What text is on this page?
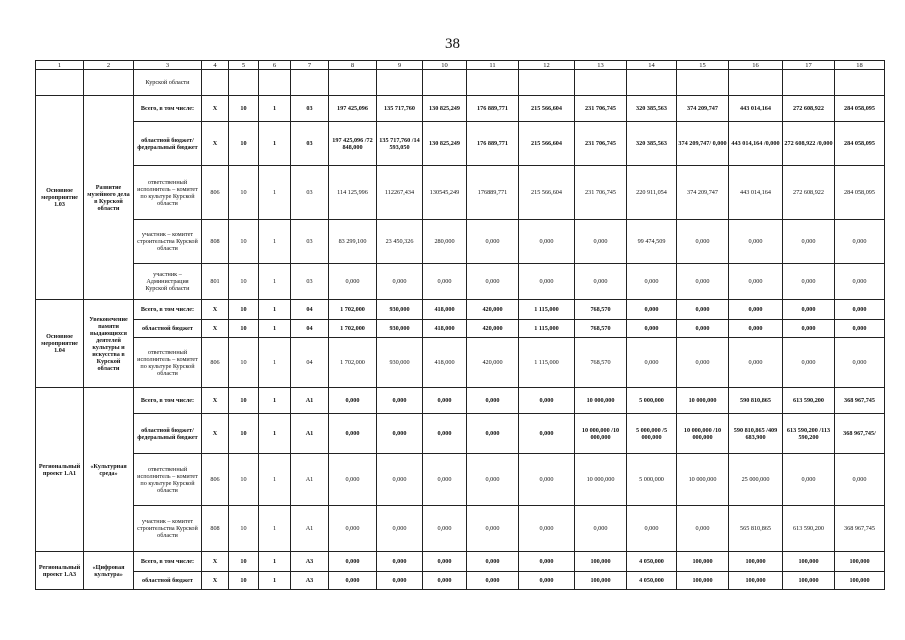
38
1	2	3	4	5	6	7	8	9	10	11	12	13	14	15	16	17	18
		Курской области															
Основное мероприятие 1.03	Развитие музейного дела в Курской области	Всего, в том числе:	Х	10	1	03	197 425,096	135 717,760	130 825,249	176 889,771	215 566,604	231 706,745	320 385,563	374 209,747	443 014,164	272 608,922	284 058,095
		областной бюджет/ федеральный бюджет	Х	10	1	03	197 425,096 /72 848,000	135 717,760 /14 593,050	130 825,249	176 889,771	215 566,604	231 706,745	320 385,563	374 209,747/ 0,000	443 014,164 /0,000	272 608,922 /0,000	284 058,095
		ответственный исполнитель – комитет по культуре Курской области	806	10	1	03	114 125,996	112267,434	130545,249	176889,771	215 566,604	231 706,745	220 911,054	374 209,747	443 014,164	272 608,922	284 058,095
		участник – комитет строительства Курской области	808	10	1	03	83 299,100	23 450,326	280,000	0,000	0,000	0,000	99 474,509	0,000	0,000	0,000	0,000
		участник – Администрация Курской области	801	10	1	03	0,000	0,000	0,000	0,000	0,000	0,000	0,000	0,000	0,000	0,000	0,000
Основное мероприятие 1.04	Увековечение памяти выдающихся деятелей культуры и искусства в Курской области	Всего, в том числе:	Х	10	1	04	1 702,000	930,000	418,000	420,000	1 115,000	768,570	0,000	0,000	0,000	0,000	0,000
		областной бюджет	Х	10	1	04	1 702,000	930,000	418,000	420,000	1 115,000	768,570	0,000	0,000	0,000	0,000	0,000
		ответственный исполнитель – комитет по культуре Курской области	806	10	1	04	1 702,000	930,000	418,000	420,000	1 115,000	768,570	0,000	0,000	0,000	0,000	0,000
Региональный проект 1.А1	«Культурная среда»	Всего, в том числе:	Х	10	1	А1	0,000	0,000	0,000	0,000	0,000	10 000,000	5 000,000	10 000,000	590 810,865	613 590,200	368 967,745
		областной бюджет/ федеральный бюджет	Х	10	1	А1	0,000	0,000	0,000	0,000	0,000	10 000,000 /10 000,000	5 000,000 /5 000,000	10 000,000 /10 000,000	590 810,865 /409 683,900	613 590,200 /113 590,200	368 967,745/
		ответственный исполнитель – комитет по культуре Курской области	806	10	1	А1	0,000	0,000	0,000	0,000	0,000	10 000,000	5 000,000	10 000,000	25 000,000	0,000	0,000
		участник – комитет строительства Курской области	808	10	1	А1	0,000	0,000	0,000	0,000	0,000	0,000	0,000	0,000	565 810,865	613 590,200	368 967,745
Региональный проект 1.А3	«Цифровая культура»	Всего, в том числе:	Х	10	1	А3	0,000	0,000	0,000	0,000	0,000	100,000	4 050,000	100,000	100,000	100,000	100,000
		областной бюджет	Х	10	1	А3	0,000	0,000	0,000	0,000	0,000	100,000	4 050,000	100,000	100,000	100,000	100,000
